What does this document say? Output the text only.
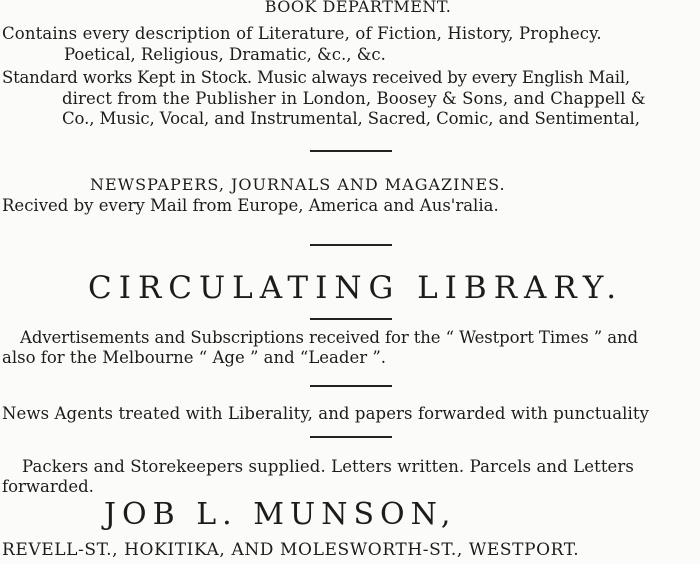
BOOK DEPARTMENT.
Contains every description of Literature, of Fiction, History, Prophecy.
Poetical, Religious, Dramatic, &c., &c.
Standard works Kept in Stock. Music always received by every English Mail,
direct from the Publisher in London, Boosey & Sons, and Chappell &
Co., Music, Vocal, and Instrumental, Sacred, Comic, and Sentimental,
NEWSPAPERS, JOURNALS AND MAGAZINES.
Recived by every Mail from Europe, America and Aus'ralia.
CIRCULATING LIBRARY.
Advertisements and Subscriptions received for the “ Westport Times ” and
also for the Melbourne “ Age ” and “Leader ”.
News Agents treated with Liberality, and papers forwarded with punctuality
Packers and Storekeepers supplied. Letters written. Parcels and Letters
forwarded.
JOB L. MUNSON,
REVELL-ST., HOKITIKA, AND MOLESWORTH-ST., WESTPORT.
